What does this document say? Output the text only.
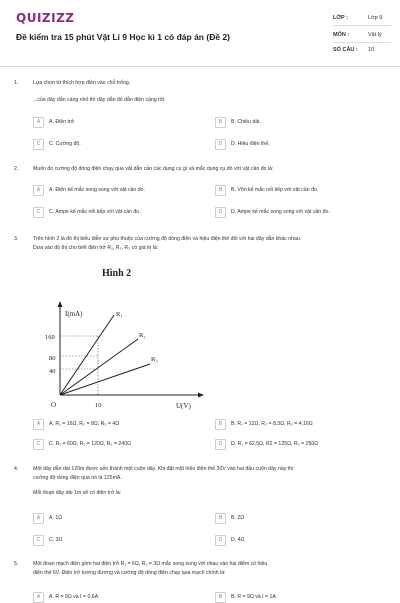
QUIZIZZ
Đề kiểm tra 15 phút Vật Lí 9 Học kì 1 có đáp án (Đề 2)
LỚP :	Lớp 9
MÔN :	Vật lý
SỐ CÂU : 10
1.	Lựa chọn từ thích hợp điền vào chỗ trống.
...của dây dẫn càng nhỏ thì dây dẫn đó dẫn điện càng tốt.
A	A. Điện trở.	B	B. Chiều dài.
C	C. Cường độ.	D	D. Hiệu điện thế.
2.	Muốn đo cường độ dòng điện chạy qua vật dẫn cần các dụng cụ gì và mắc dụng cụ đó với vật cần đo là:
A	A. Điện kế mắc song song với vật cần đo.	B	B. Vôn kế mắc nối tiếp với vật cần đo.
C	C. Ampe kế mắc nối tiếp với vật cần đo.	D	D. Ampe kế mắc song song với vật cần đo.
3.	Trên hình 2 là đồ thị biểu diễn sự phụ thuộc của cường độ dòng điện và hiệu điện thế đối với hai dây dẫn khác nhau.
Dựa vào đồ thị cho biết điện trở R₁, R₂, R₃ có giá trị là:
Hình 2
I(mA)
U(V)
O
160
80
40
10
R₁
R₂
R₃
A	A. R₁ = 16Ω, R₂ = 8Ω, R₃ = 4Ω	B	B. R₁ = 12Ω, R₂ = 8,3Ω, R₃ = 4,16Ω
C	C. R₁ = 60Ω, R₂ = 120Ω, R₃ = 240Ω	D	D. R₁ = 62,5Ω, R2 = 125Ω, R₃ = 250Ω
4.	Một dây dẫn dài 120m được uốn thành một cuộn dây. Khi đặt một hiệu điện thế 30V vào hai đầu cuộn dây này thì
cường độ dòng điện qua nó là 125mA.
Mỗi đoạn dây dài 1m sẽ có điện trở là:
A	A. 1Ω	B	B. 2Ω
C	C. 3Ω	D	D. 4Ω
5.	Một đoạn mạch điện gồm hai điện trở R₁ = 6Ω, R₂ = 3Ω mắc song song với nhau vào hai điểm có hiệu
điện thế 6V. Điện trở tương đương và cường độ dòng điện chạy qua mạch chính là:
A	A. R = 9Ω và I = 0,6A	B	B. R = 9Ω và I = 1A
